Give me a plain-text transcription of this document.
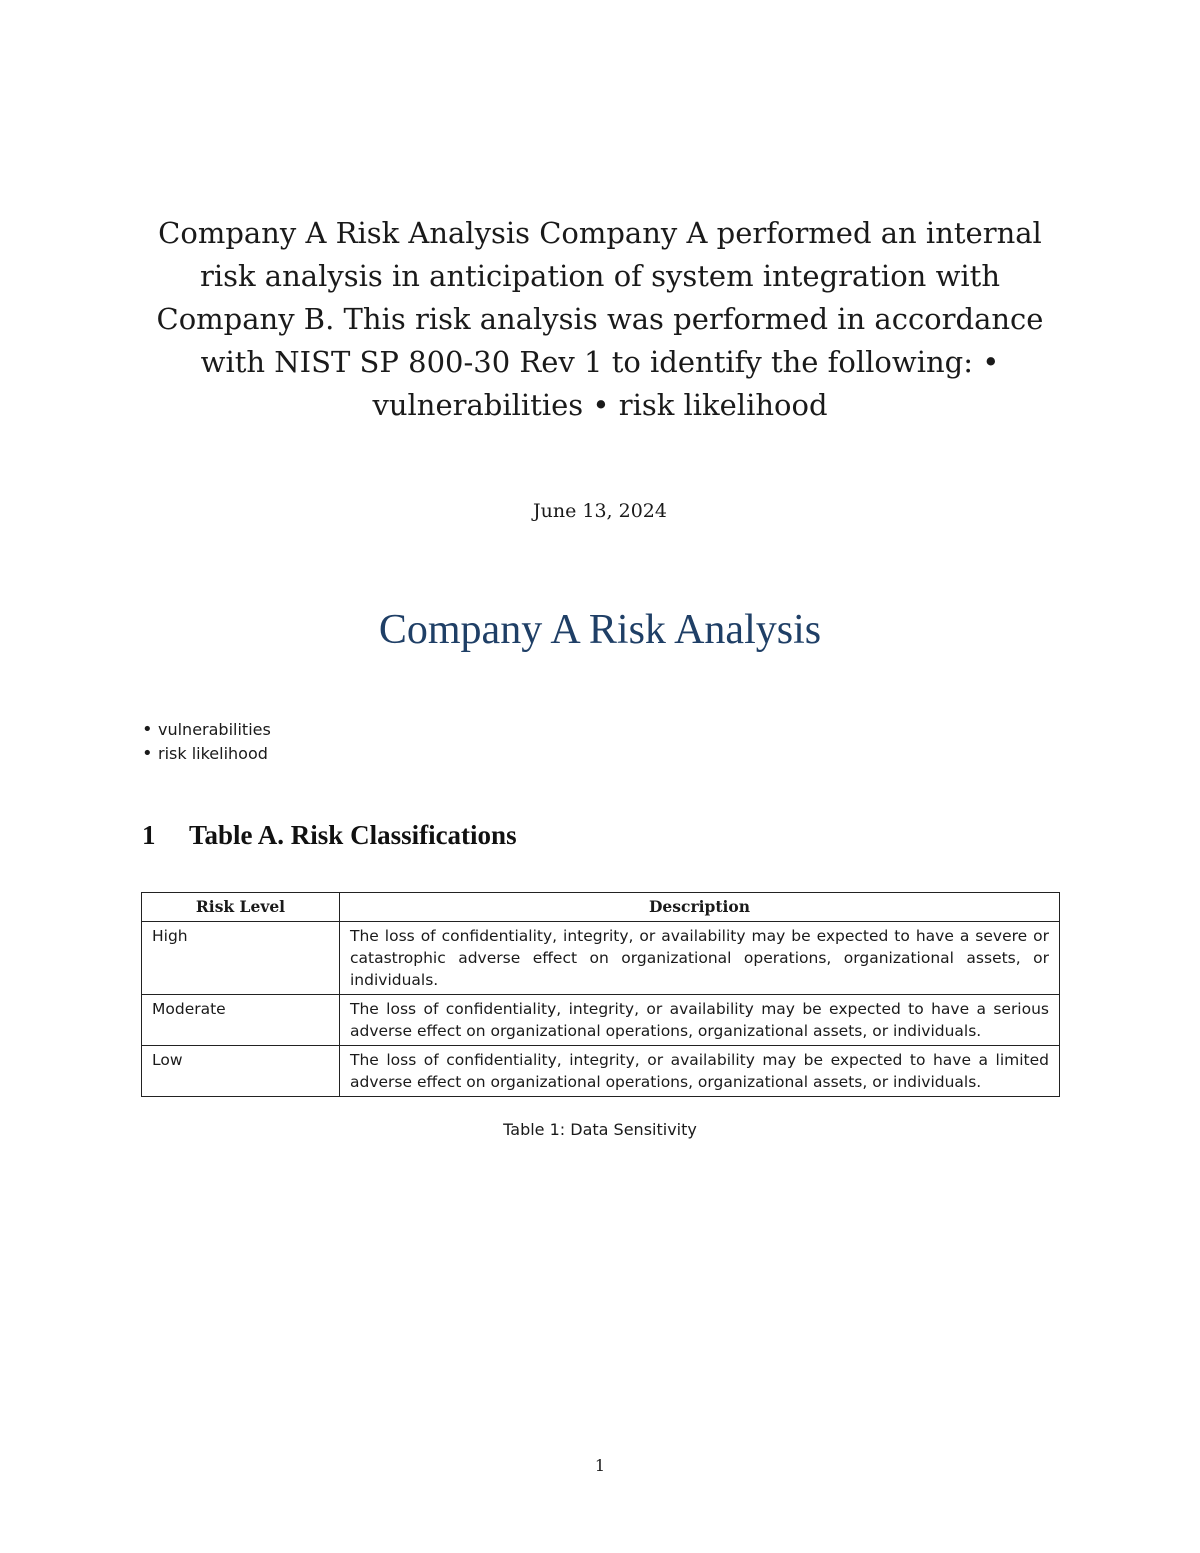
Company A Risk Analysis Company A performed an internal risk analysis in anticipation of system integration with Company B. This risk analysis was performed in accordance with NIST SP 800-30 Rev 1 to identify the following: • vulnerabilities • risk likelihood
June 13, 2024
Company A Risk Analysis
• vulnerabilities
• risk likelihood
1 Table A. Risk Classifications
Risk Level	Description
High	The loss of confidentiality, integrity, or availability may be expected to have a severe or catastrophic adverse effect on organizational operations, organizational assets, or individuals.
Moderate	The loss of confidentiality, integrity, or availability may be expected to have a serious adverse effect on organizational operations, organizational assets, or individuals.
Low	The loss of confidentiality, integrity, or availability may be expected to have a limited adverse effect on organizational operations, organizational assets, or individuals.
Table 1: Data Sensitivity
1
